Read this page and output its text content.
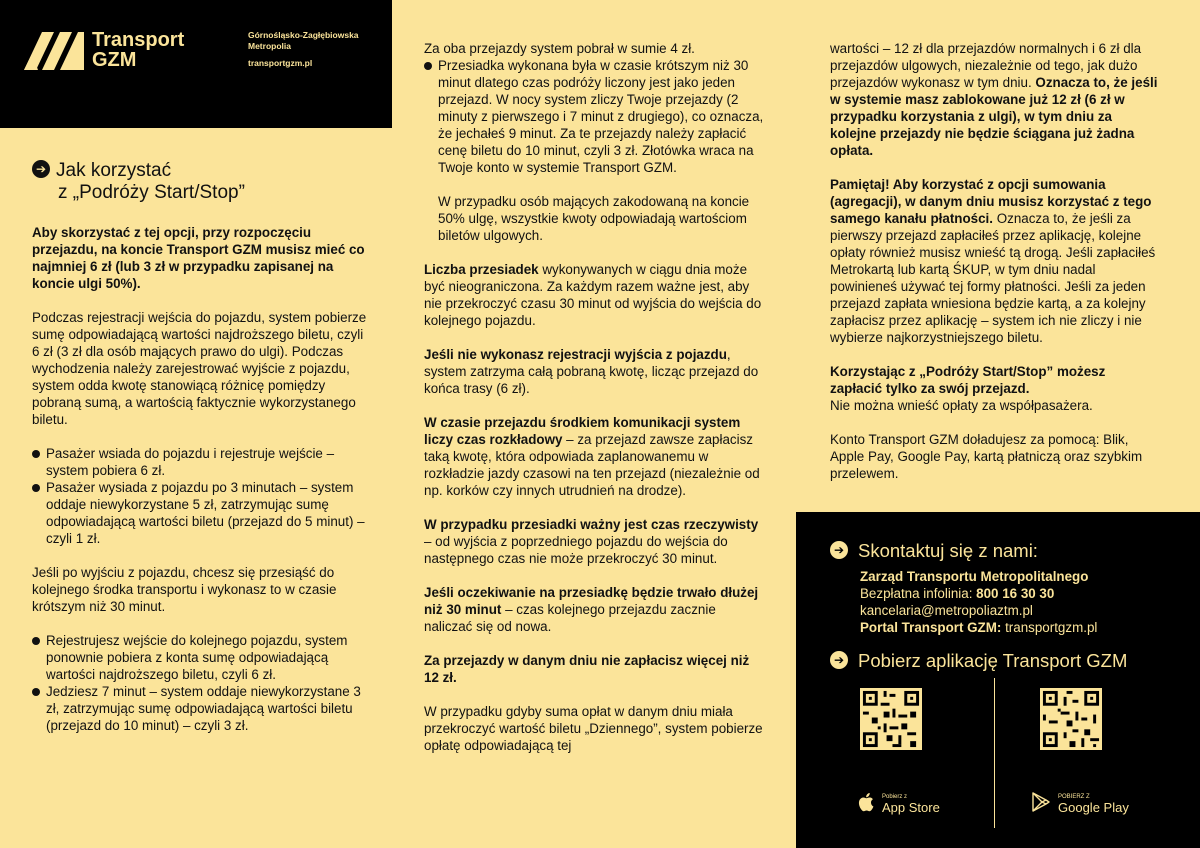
Transport
GZM
Górnośląsko-Zagłębiowska
Metropolia
transportgzm.pl
➔ Jak korzystać
z „Podróży Start/Stop”

Aby skorzystać z tej opcji, przy rozpoczęciu przejazdu, na koncie Transport GZM musisz mieć co najmniej 6 zł (lub 3 zł w przypadku zapisanej na koncie ulgi 50%).

Podczas rejestracji wejścia do pojazdu, system pobierze sumę odpowiadającą wartości najdroższego biletu, czyli 6 zł (3 zł dla osób mających prawo do ulgi). Podczas wychodzenia należy zarejestrować wyjście z pojazdu, system odda kwotę stanowiącą różnicę pomiędzy pobraną sumą, a wartością faktycznie wykorzystanego biletu.

Pasażer wsiada do pojazdu i rejestruje wejście – system pobiera 6 zł.
Pasażer wysiada z pojazdu po 3 minutach – system oddaje niewykorzystane 5 zł, zatrzymując sumę odpowiadającą wartości biletu (przejazd do 5 minut) – czyli 1 zł.

Jeśli po wyjściu z pojazdu, chcesz się przesiąść do kolejnego środka transportu i wykonasz to w czasie krótszym niż 30 minut.

Rejestrujesz wejście do kolejnego pojazdu, system ponownie pobiera z konta sumę odpowiadającą wartości najdroższego biletu, czyli 6 zł.
Jedziesz 7 minut – system oddaje niewykorzystane 3 zł, zatrzymując sumę odpowiadającą wartości biletu (przejazd do 10 minut) – czyli 3 zł.
Za oba przejazdy system pobrał w sumie 4 zł.
Przesiadka wykonana była w czasie krótszym niż 30 minut dlatego czas podróży liczony jest jako jeden przejazd. W nocy system zliczy Twoje przejazdy (2 minuty z pierwszego i 7 minut z drugiego), co oznacza, że jechałeś 9 minut. Za te przejazdy należy zapłacić cenę biletu do 10 minut, czyli 3 zł. Złotówka wraca na Twoje konto w systemie Transport GZM.

W przypadku osób mających zakodowaną na koncie 50% ulgę, wszystkie kwoty odpowiadają wartościom biletów ulgowych.

Liczba przesiadek wykonywanych w ciągu dnia może być nieograniczona. Za każdym razem ważne jest, aby nie przekroczyć czasu 30 minut od wyjścia do wejścia do kolejnego pojazdu.

Jeśli nie wykonasz rejestracji wyjścia z pojazdu, system zatrzyma całą pobraną kwotę, licząc przejazd do końca trasy (6 zł).

W czasie przejazdu środkiem komunikacji system liczy czas rozkładowy – za przejazd zawsze zapłacisz taką kwotę, która odpowiada zaplanowanemu w rozkładzie jazdy czasowi na ten przejazd (niezależnie od np. korków czy innych utrudnień na drodze).

W przypadku przesiadki ważny jest czas rzeczywisty – od wyjścia z poprzedniego pojazdu do wejścia do następnego czas nie może przekroczyć 30 minut.

Jeśli oczekiwanie na przesiadkę będzie trwało dłużej niż 30 minut – czas kolejnego przejazdu zacznie naliczać się od nowa.

Za przejazdy w danym dniu nie zapłacisz więcej niż 12 zł.

W przypadku gdyby suma opłat w danym dniu miała przekroczyć wartość biletu „Dziennego”, system pobierze opłatę odpowiadającą tej

wartości – 12 zł dla przejazdów normalnych i 6 zł dla przejazdów ulgowych, niezależnie od tego, jak dużo przejazdów wykonasz w tym dniu. Oznacza to, że jeśli w systemie masz zablokowane już 12 zł (6 zł w przypadku korzystania z ulgi), w tym dniu za kolejne przejazdy nie będzie ściągana już żadna opłata.

Pamiętaj! Aby korzystać z opcji sumowania (agregacji), w danym dniu musisz korzystać z tego samego kanału płatności. Oznacza to, że jeśli za pierwszy przejazd zapłaciłeś przez aplikację, kolejne opłaty również musisz wnieść tą drogą. Jeśli zapłaciłeś Metrokartą lub kartą ŚKUP, w tym dniu nadal powinieneś używać tej formy płatności. Jeśli za jeden przejazd zapłata wniesiona będzie kartą, a za kolejny zapłacisz przez aplikację – system ich nie zliczy i nie wybierze najkorzystniejszego biletu.

Korzystając z „Podróży Start/Stop” możesz zapłacić tylko za swój przejazd.
Nie można wnieść opłaty za współpasażera.

Konto Transport GZM doładujesz za pomocą: Blik, Apple Pay, Google Pay, kartą płatniczą oraz szybkim przelewem.

➔ Skontaktuj się z nami:
Zarząd Transportu Metropolitalnego
Bezpłatna infolinia: 800 16 30 30
kancelaria@metropoliaztm.pl
Portal Transport GZM: transportgzm.pl
➔ Pobierz aplikację Transport GZM
Pobierz z
App Store
POBIERZ Z
Google Play
